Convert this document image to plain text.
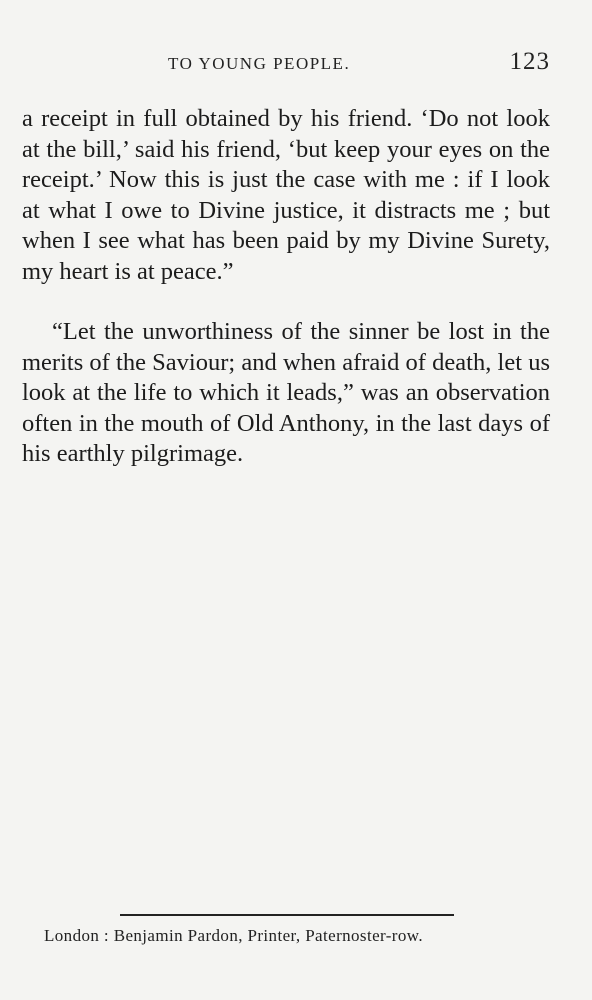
TO YOUNG PEOPLE.	123

a receipt in full obtained by his friend. ‘Do not look at the bill,’ said his friend, ‘but keep your eyes on the receipt.’ Now this is just the case with me : if I look at what I owe to Divine justice, it distracts me ; but when I see what has been paid by my Divine Surety, my heart is at peace.”

“Let the unworthiness of the sinner be lost in the merits of the Saviour; and when afraid of death, let us look at the life to which it leads,” was an observation often in the mouth of Old Anthony, in the last days of his earthly pilgrimage.

London : Benjamin Pardon, Printer, Paternoster-row.
